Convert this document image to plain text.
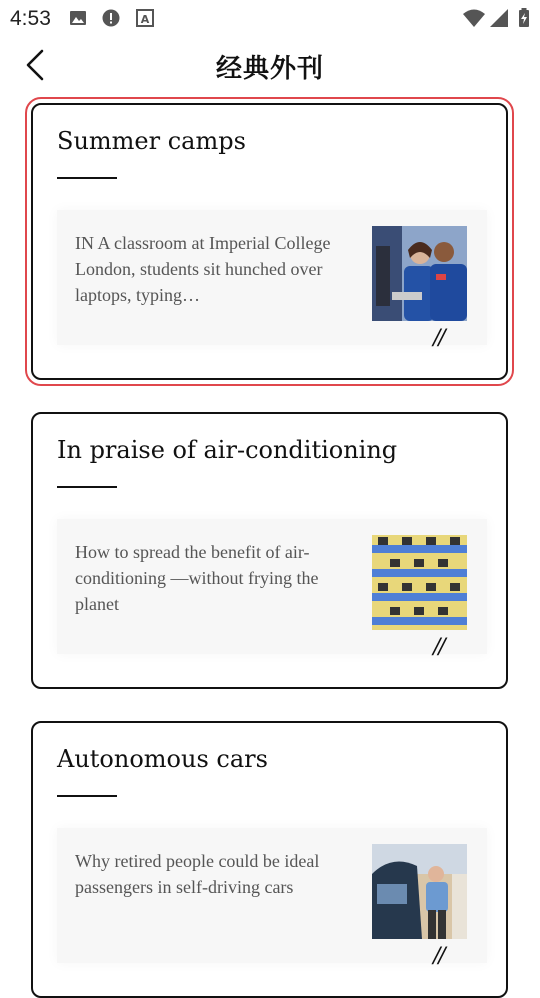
4:53	A
经典外刊
Summer camps
IN A classroom at Imperial College London, students sit hunched over laptops, typing…
//
In praise of air-conditioning
How to spread the benefit of air-conditioning —without frying the planet
//
Autonomous cars
Why retired people could be ideal passengers in self-driving cars
//
